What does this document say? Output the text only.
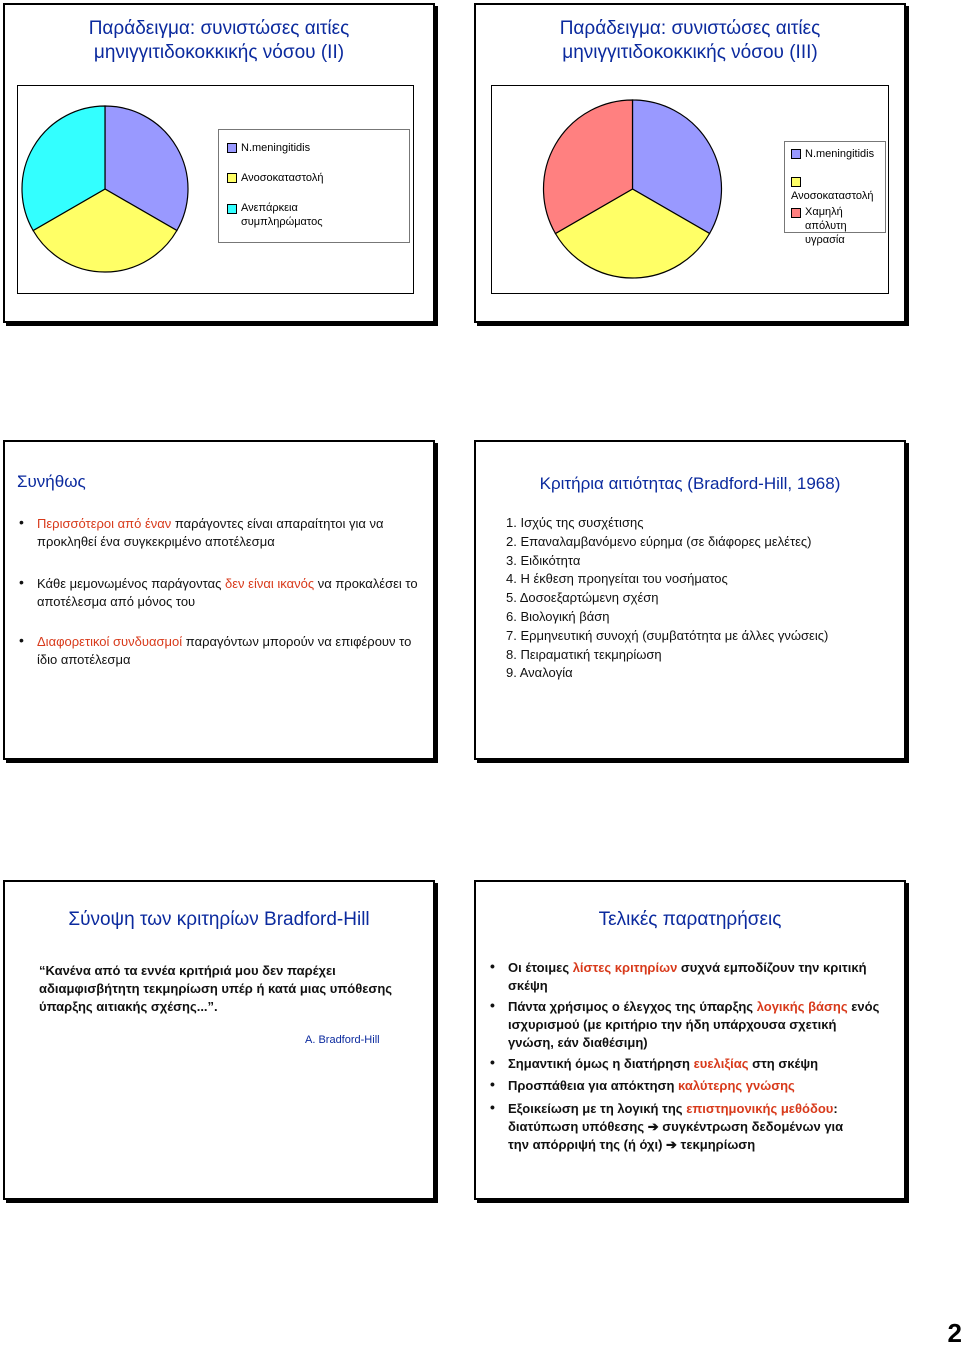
Παράδειγμα: συνιστώσες αιτίες
μηνιγγιτιδοκοκκικής νόσου (ΙΙ)
N.meningitidis
Ανοσοκαταστολή
Ανεπάρκεια συμπληρώματος
Παράδειγμα: συνιστώσες αιτίες
μηνιγγιτιδοκοκκικής νόσου (ΙΙΙ)
N.meningitidis
Ανοσοκαταστολή
Χαμηλή απόλυτη υγρασία
Συνήθως
• Περισσότεροι από έναν παράγοντες είναι απαραίτητοι για να προκληθεί ένα συγκεκριμένο αποτέλεσμα
• Κάθε μεμονωμένος παράγοντας δεν είναι ικανός να προκαλέσει το αποτέλεσμα από μόνος του
• Διαφορετικοί συνδυασμοί παραγόντων μπορούν να επιφέρουν το ίδιο αποτέλεσμα
Κριτήρια αιτιότητας (Bradford-Hill, 1968)
1. Ισχύς της συσχέτισης
2. Επαναλαμβανόμενο εύρημα (σε διάφορες μελέτες)
3. Ειδικότητα
4. Η έκθεση προηγείται του νοσήματος
5. Δοσοεξαρτώμενη σχέση
6. Βιολογική βάση
7. Ερμηνευτική συνοχή (συμβατότητα με άλλες γνώσεις)
8. Πειραματική τεκμηρίωση
9. Αναλογία
Σύνοψη των κριτηρίων Bradford-Hill
“Κανένα από τα εννέα κριτήριά μου δεν παρέχει αδιαμφισβήτητη τεκμηρίωση υπέρ ή κατά μιας υπόθεσης ύπαρξης αιτιακής σχέσης...”.
A. Bradford-Hill
Τελικές παρατηρήσεις
• Οι έτοιμες λίστες κριτηρίων συχνά εμποδίζουν την κριτική σκέψη
• Πάντα χρήσιμος ο έλεγχος της ύπαρξης λογικής βάσης ενός ισχυρισμού (με κριτήριο την ήδη υπάρχουσα σχετική γνώση, εάν διαθέσιμη)
• Σημαντική όμως η διατήρηση ευελιξίας στη σκέψη
• Προσπάθεια για απόκτηση καλύτερης γνώσης
• Εξοικείωση με τη λογική της επιστημονικής μεθόδου:
διατύπωση υπόθεσης ➔ συγκέντρωση δεδομένων για
την απόρριψή της (ή όχι) ➔ τεκμηρίωση
2
